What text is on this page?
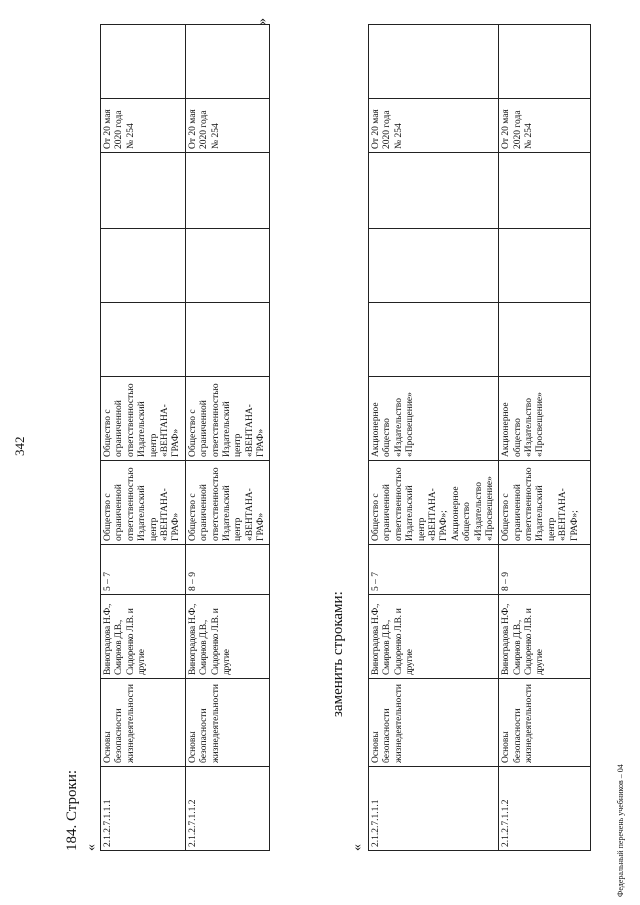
342
184. Строки: «
2.1.2.7.1.1.1	Основы безопасности жизнедеятельности	Виноградова Н.Ф., Смирнов Д.В., Сидоренко Л.В. и другие	5 – 7	Общество с ограниченной ответственностью Издательский центр «ВЕНТАНА-ГРАФ»	Общество с ограниченной ответственностью Издательский центр «ВЕНТАНА-ГРАФ»				От 20 мая 2020 года № 254	
2.1.2.7.1.1.2	Основы безопасности жизнедеятельности	Виноградова Н.Ф., Смирнов Д.В., Сидоренко Л.В. и другие	8 – 9	Общество с ограниченной ответственностью Издательский центр «ВЕНТАНА-ГРАФ»	Общество с ограниченной ответственностью Издательский центр «ВЕНТАНА-ГРАФ»				От 20 мая 2020 года № 254	
»
заменить строками:
«
2.1.2.7.1.1.1	Основы безопасности жизнедеятельности	Виноградова Н.Ф., Смирнов Д.В., Сидоренко Л.В. и другие	5 – 7	Общество с ограниченной ответственностью Издательский центр «ВЕНТАНА-ГРАФ»; Акционерное общество «Издательство «Просвещение»	Акционерное общество «Издательство «Просвещение»				От 20 мая 2020 года № 254	
2.1.2.7.1.1.2	Основы безопасности жизнедеятельности	Виноградова Н.Ф., Смирнов Д.В., Сидоренко Л.В. и другие	8 – 9	Общество с ограниченной ответственностью Издательский центр «ВЕНТАНА-ГРАФ»;	Акционерное общество «Издательство «Просвещение»				От 20 мая 2020 года № 254	
Федеральный перечень учебников – 04
